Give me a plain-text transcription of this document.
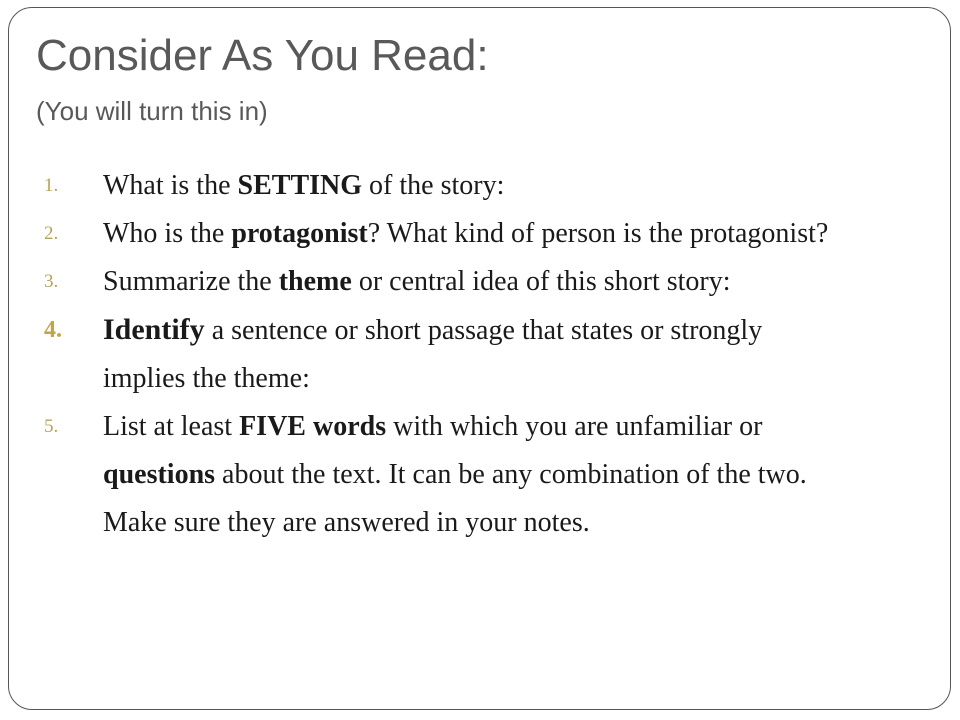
Consider As You Read:
(You will turn this in)
1. What is the SETTING of the story:
2. Who is the protagonist? What kind of person is the protagonist?
3. Summarize the theme or central idea of this short story:
4. Identify a sentence or short passage that states or strongly implies the theme:
5. List at least FIVE words with which you are unfamiliar or questions about the text. It can be any combination of the two. Make sure they are answered in your notes.
